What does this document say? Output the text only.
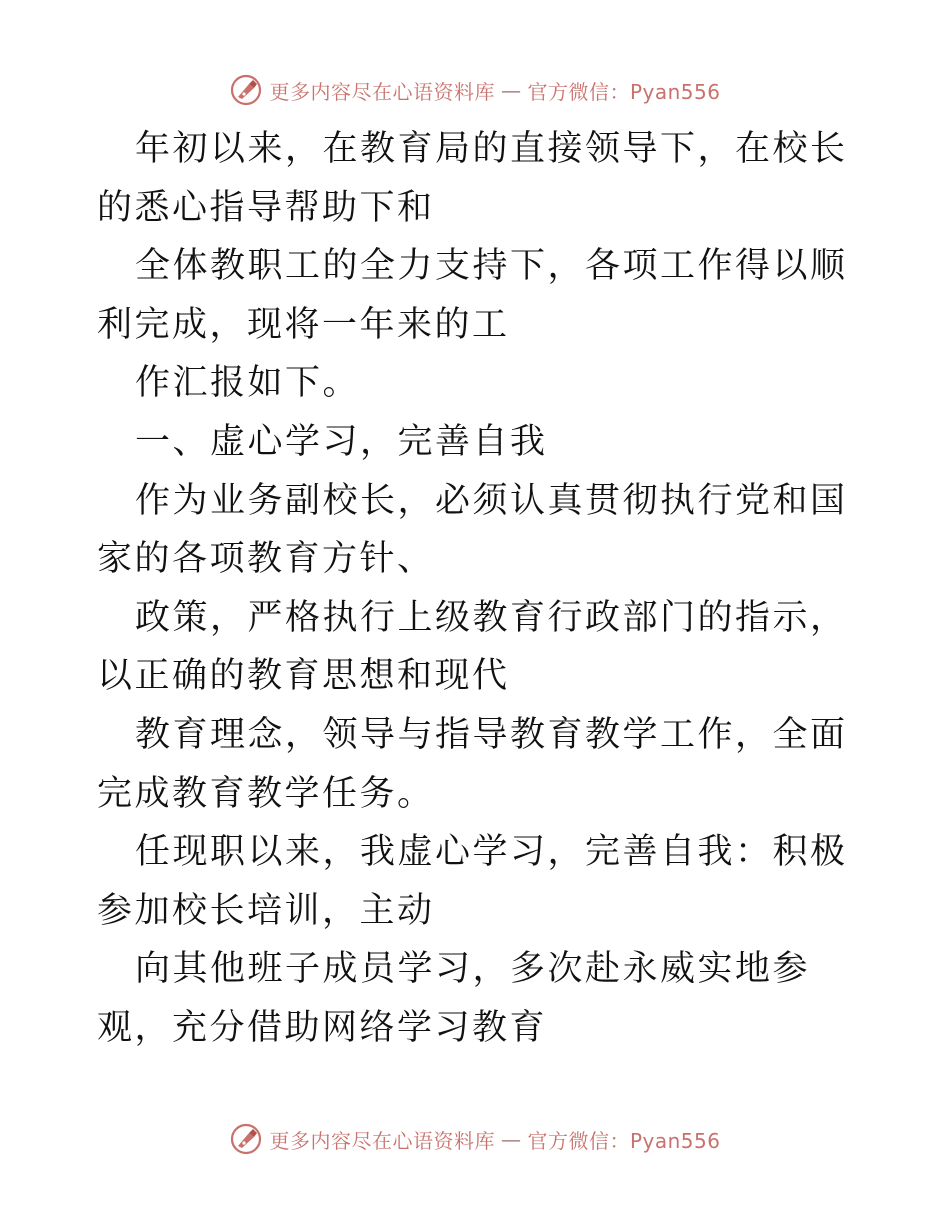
更多内容尽在心语资料库 — 官方微信：Pyan556

年初以来，在教育局的直接领导下，在校长的悉心指导帮助下和

全体教职工的全力支持下，各项工作得以顺利完成，现将一年来的工

作汇报如下。

一、虚心学习，完善自我

作为业务副校长，必须认真贯彻执行党和国家的各项教育方针、

政策，严格执行上级教育行政部门的指示，以正确的教育思想和现代

教育理念，领导与指导教育教学工作，全面完成教育教学任务。

任现职以来，我虚心学习，完善自我：积极参加校长培训，主动

向其他班子成员学习，多次赴永威实地参观，充分借助网络学习教育

更多内容尽在心语资料库 — 官方微信：Pyan556
